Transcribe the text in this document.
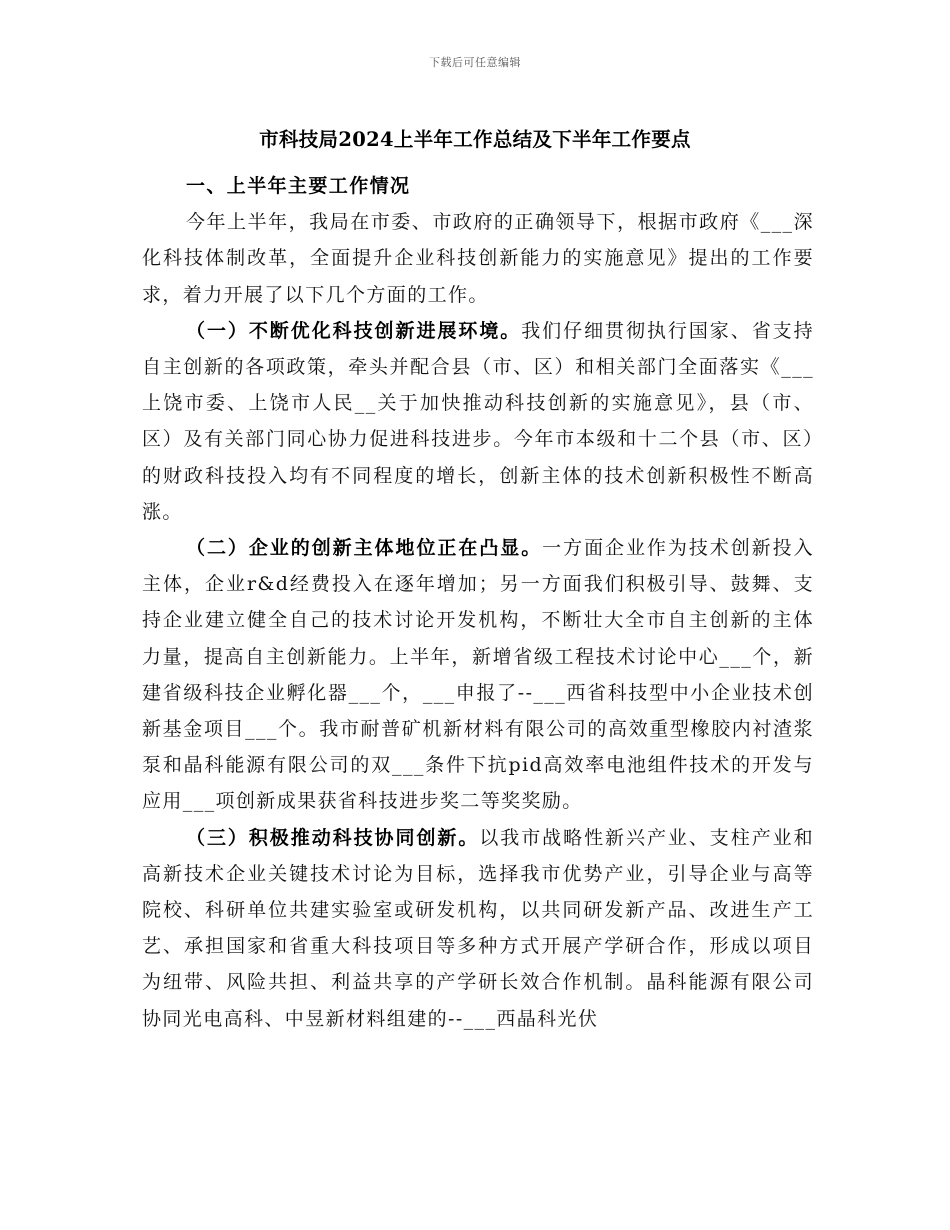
下载后可任意编辑
市科技局2024上半年工作总结及下半年工作要点

一、上半年主要工作情况

今年上半年，我局在市委、市政府的正确领导下，根据市政府《___深化科技体制改革，全面提升企业科技创新能力的实施意见》提出的工作要求，着力开展了以下几个方面的工作。

（一）不断优化科技创新进展环境。我们仔细贯彻执行国家、省支持自主创新的各项政策，牵头并配合县（市、区）和相关部门全面落实《___上饶市委、上饶市人民__关于加快推动科技创新的实施意见》，县（市、区）及有关部门同心协力促进科技进步。今年市本级和十二个县（市、区）的财政科技投入均有不同程度的增长，创新主体的技术创新积极性不断高涨。

（二）企业的创新主体地位正在凸显。一方面企业作为技术创新投入主体，企业r&d经费投入在逐年增加；另一方面我们积极引导、鼓舞、支持企业建立健全自己的技术讨论开发机构，不断壮大全市自主创新的主体力量，提高自主创新能力。上半年，新增省级工程技术讨论中心___个，新建省级科技企业孵化器___个，___申报了--___西省科技型中小企业技术创新基金项目___个。我市耐普矿机新材料有限公司的高效重型橡胶内衬渣浆泵和晶科能源有限公司的双___条件下抗pid高效率电池组件技术的开发与应用___项创新成果获省科技进步奖二等奖奖励。

（三）积极推动科技协同创新。以我市战略性新兴产业、支柱产业和高新技术企业关键技术讨论为目标，选择我市优势产业，引导企业与高等院校、科研单位共建实验室或研发机构，以共同研发新产品、改进生产工艺、承担国家和省重大科技项目等多种方式开展产学研合作，形成以项目为纽带、风险共担、利益共享的产学研长效合作机制。晶科能源有限公司协同光电高科、中昱新材料组建的--___西晶科光伏
